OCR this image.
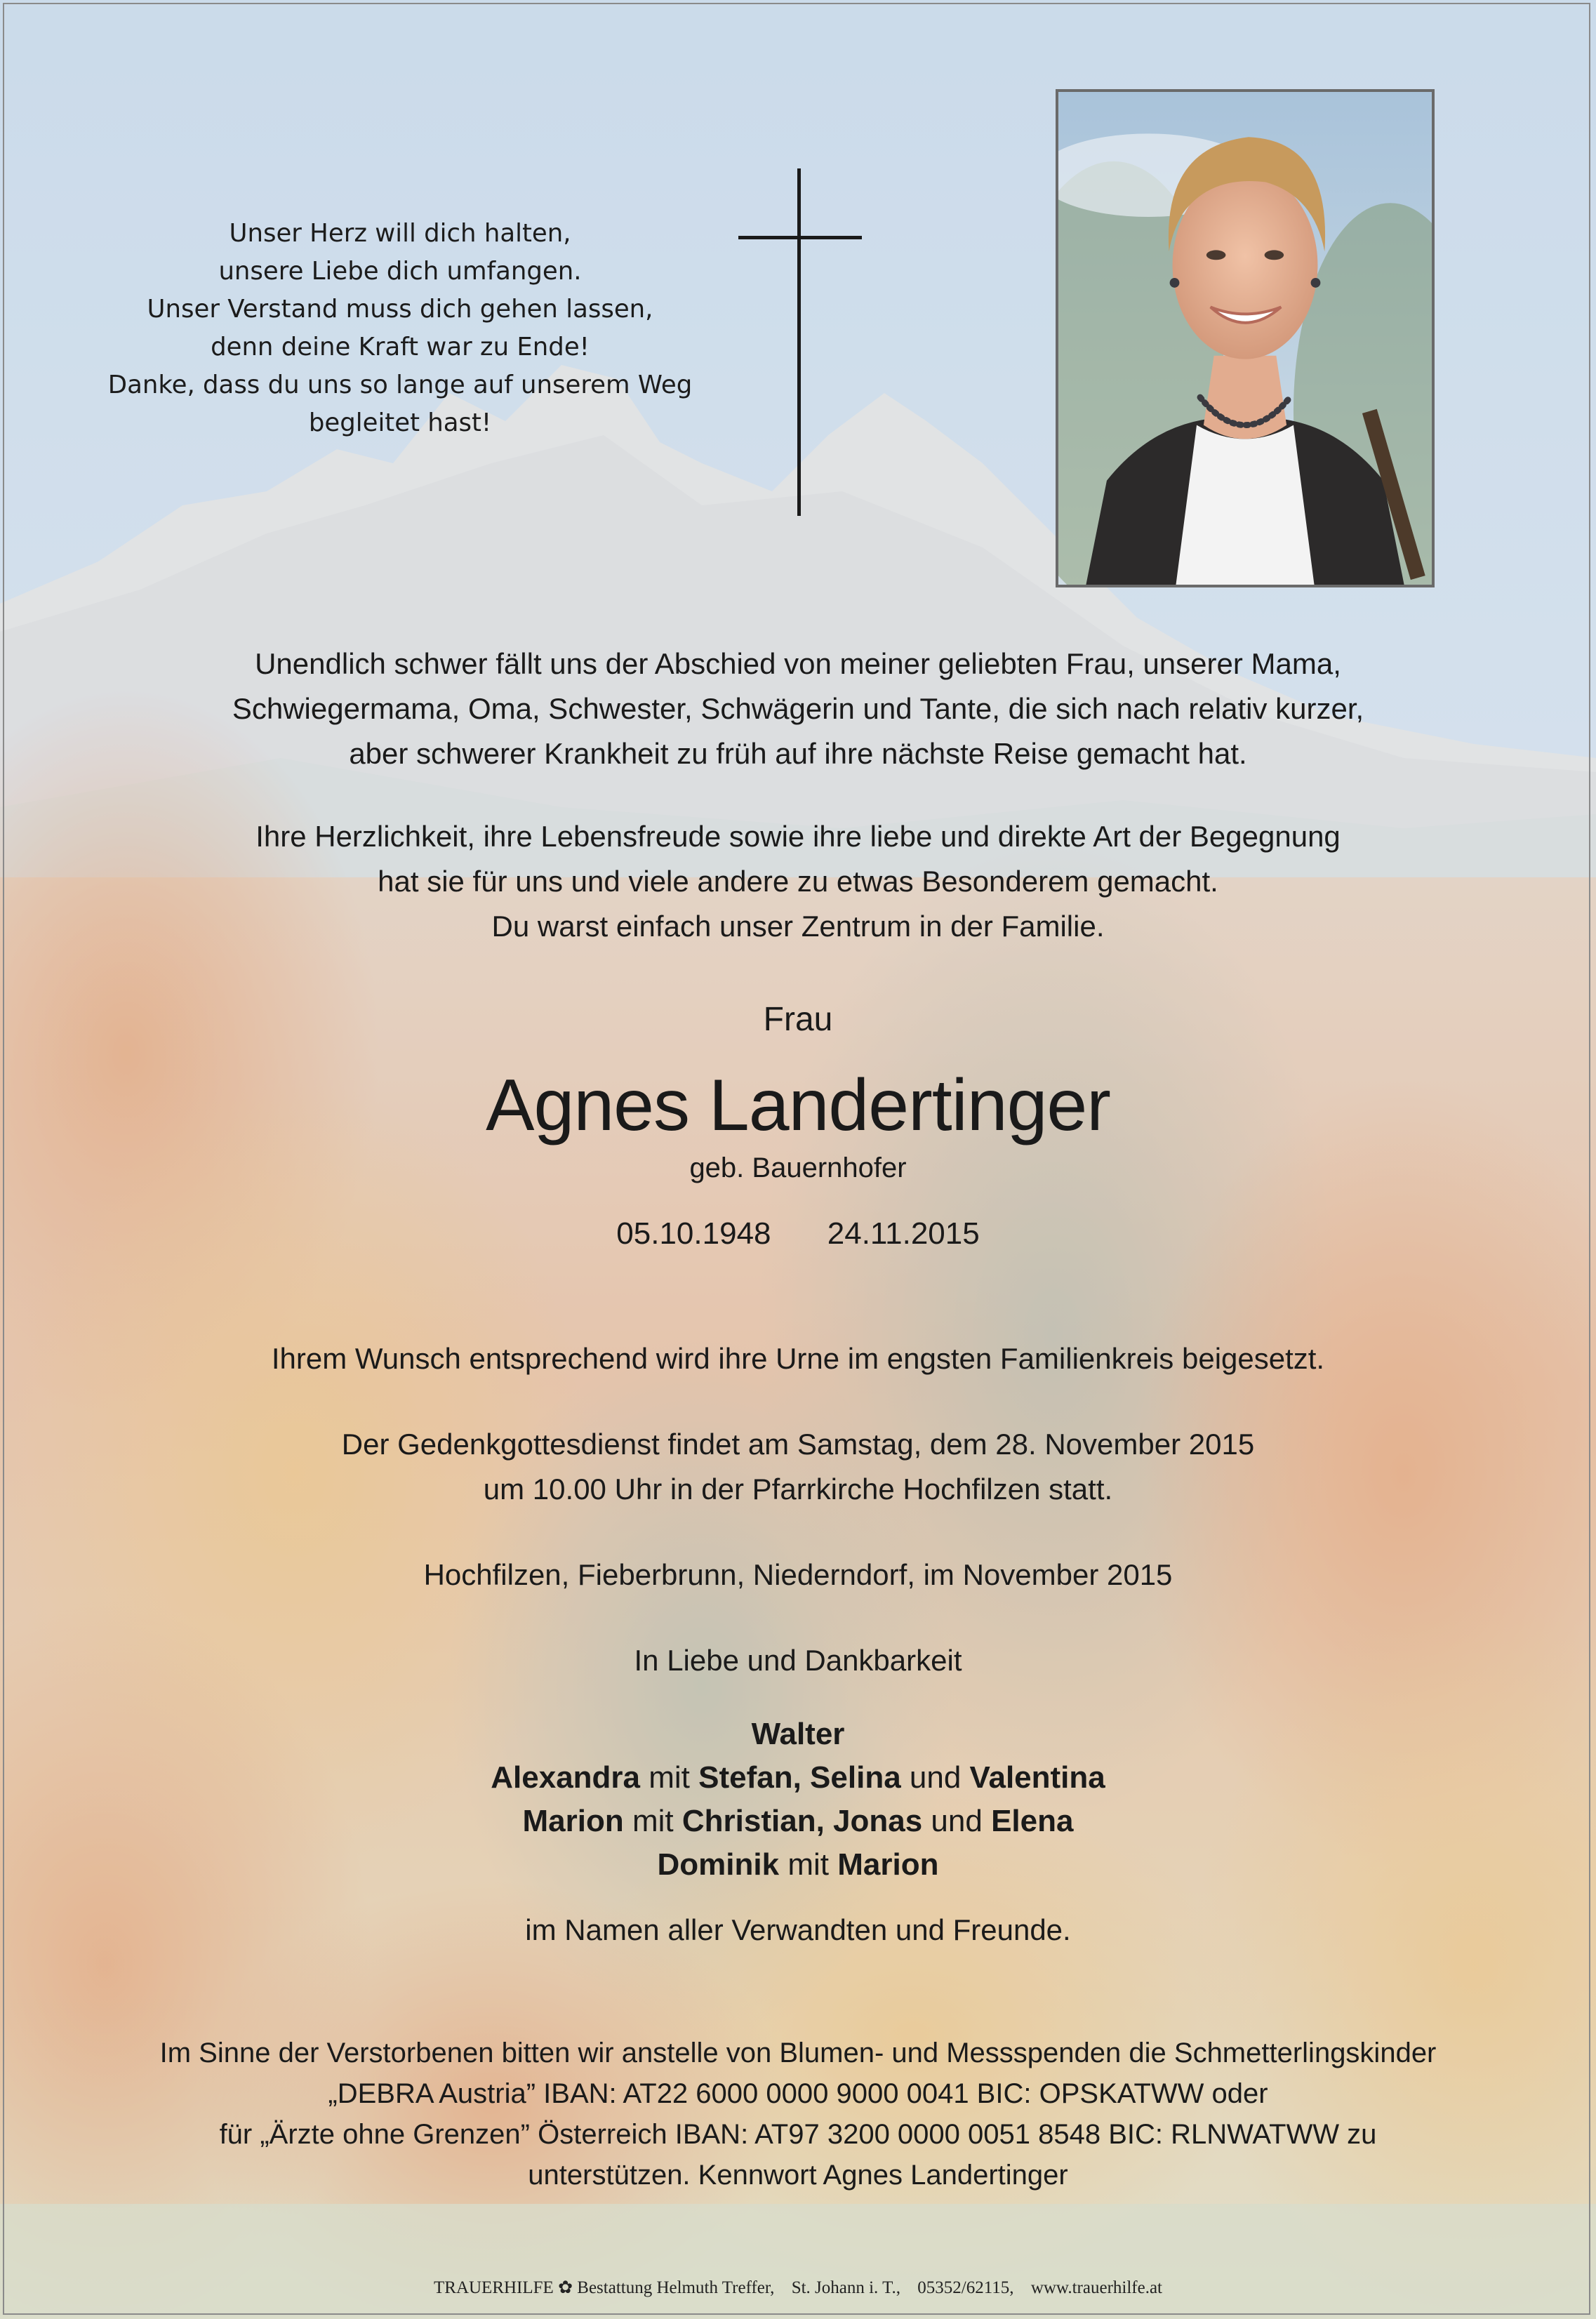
Unser Herz will dich halten,
unsere Liebe dich umfangen.
Unser Verstand muss dich gehen lassen,
denn deine Kraft war zu Ende!
Danke, dass du uns so lange auf unserem Weg
begleitet hast!
Unendlich schwer fällt uns der Abschied von meiner geliebten Frau, unserer Mama,
Schwiegermama, Oma, Schwester, Schwägerin und Tante, die sich nach relativ kurzer,
aber schwerer Krankheit zu früh auf ihre nächste Reise gemacht hat.
Ihre Herzlichkeit, ihre Lebensfreude sowie ihre liebe und direkte Art der Begegnung
hat sie für uns und viele andere zu etwas Besonderem gemacht.
Du warst einfach unser Zentrum in der Familie.
Frau
Agnes Landertinger
geb. Bauernhofer
05.10.1948 24.11.2015
Ihrem Wunsch entsprechend wird ihre Urne im engsten Familienkreis beigesetzt.
Der Gedenkgottesdienst findet am Samstag, dem 28. November 2015
um 10.00 Uhr in der Pfarrkirche Hochfilzen statt.
Hochfilzen, Fieberbrunn, Niederndorf, im November 2015
In Liebe und Dankbarkeit
Walter
Alexandra mit Stefan, Selina und Valentina
Marion mit Christian, Jonas und Elena
Dominik mit Marion
im Namen aller Verwandten und Freunde.
Im Sinne der Verstorbenen bitten wir anstelle von Blumen- und Messspenden die Schmetterlingskinder
„DEBRA Austria” IBAN: AT22 6000 0000 9000 0041 BIC: OPSKATWW oder
für „Ärzte ohne Grenzen” Österreich IBAN: AT97 3200 0000 0051 8548 BIC: RLNWATWW zu
unterstützen. Kennwort Agnes Landertinger
TRAUERHILFE ✿ Bestattung Helmuth Treffer, St. Johann i. T., 05352/62115, www.trauerhilfe.at
